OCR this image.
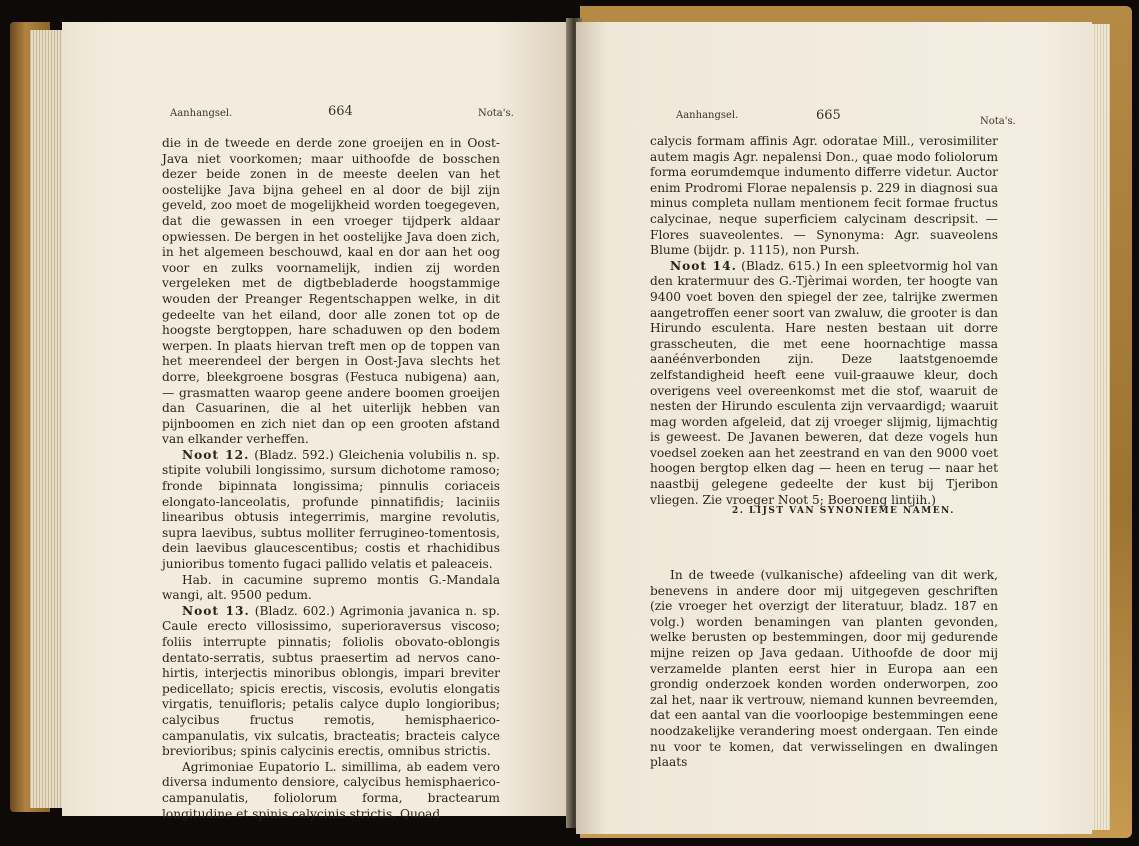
Aanhangsel.	664	Nota's.

die in de tweede en derde zone groeijen en in Oost-Java niet voorkomen; maar uithoofde de bosschen dezer beide zonen in de meeste deelen van het oostelijke Java bijna geheel en al door de bijl zijn geveld, zoo moet de mogelijkheid worden toegegeven, dat die gewassen in een vroeger tijdperk aldaar opwiessen. De bergen in het oostelijke Java doen zich, in het algemeen beschouwd, kaal en dor aan het oog voor en zulks voornamelijk, indien zij worden vergeleken met de digtbebladerde hoogstammige wouden der Preanger Regentschappen welke, in dit gedeelte van het eiland, door alle zonen tot op de hoogste bergtoppen, hare schaduwen op den bodem werpen. In plaats hiervan treft men op de toppen van het meerendeel der bergen in Oost-Java slechts het dorre, bleekgroene bosgras (Festuca nubigena) aan, — grasmatten waarop geene andere boomen groeijen dan Casuarinen, die al het uiterlijk hebben van pijnboomen en zich niet dan op een grooten afstand van elkander verheffen.

Noot 12. (Bladz. 592.) Gleichenia volubilis n. sp. stipite volubili longissimo, sursum dichotome ramoso; fronde bipinnata longissima; pinnulis coriaceis elongato-lanceolatis, profunde pinnatifidis; laciniis linearibus obtusis integerrimis, margine revolutis, supra laevibus, subtus molliter ferrugineo-tomentosis, dein laevibus glaucescentibus; costis et rhachidibus junioribus tomento fugaci pallido velatis et paleaceis.

Hab. in cacumine supremo montis G.-Mandala wangi, alt. 9500 pedum.

Noot 13. (Bladz. 602.) Agrimonia javanica n. sp. Caule erecto villosissimo, superioraversus viscoso; foliis interrupte pinnatis; foliolis obovato-oblongis dentato-serratis, subtus praesertim ad nervos cano-hirtis, interjectis minoribus oblongis, impari breviter pedicellato; spicis erectis, viscosis, evolutis elongatis virgatis, tenuifloris; petalis calyce duplo longioribus; calycibus fructus remotis, hemisphaerico-campanulatis, vix sulcatis, bracteatis; bracteis calyce brevioribus; spinis calycinis erectis, omnibus strictis.

Agrimoniae Eupatorio L. simillima, ab eadem vero diversa indumento densiore, calycibus hemisphaerico-campanulatis, foliolorum forma, bractearum longitudine et spinis calycinis strictis. Quoad

Aanhangsel.	665	Nota's.

calycis formam affinis Agr. odoratae Mill., verosimiliter autem magis Agr. nepalensi Don., quae modo foliolorum forma eorumdemque indumento differre videtur. Auctor enim Prodromi Florae nepalensis p. 229 in diagnosi sua minus completa nullam mentionem fecit formae fructus calycinae, neque superficiem calycinam descripsit. — Flores suaveolentes. — Synonyma: Agr. suaveolens Blume (bijdr. p. 1115), non Pursh.

Noot 14. (Bladz. 615.) In een spleetvormig hol van den kratermuur des G.-Tjèrimai worden, ter hoogte van 9400 voet boven den spiegel der zee, talrijke zwermen aangetroffen eener soort van zwaluw, die grooter is dan Hirundo esculenta. Hare nesten bestaan uit dorre grasscheuten, die met eene hoornachtige massa aanéénverbonden zijn. Deze laatstgenoemde zelfstandigheid heeft eene vuil-graauwe kleur, doch overigens veel overeenkomst met die stof, waaruit de nesten der Hirundo esculenta zijn vervaardigd; waaruit mag worden afgeleid, dat zij vroeger slijmig, lijmachtig is geweest. De Javanen beweren, dat deze vogels hun voedsel zoeken aan het zeestrand en van den 9000 voet hoogen bergtop elken dag — heen en terug — naar het naastbij gelegene gedeelte der kust bij Tjeribon vliegen. Zie vroeger Noot 5; Boeroeng lintjih.)

2. LIJST VAN SYNONIEME NAMEN.

In de tweede (vulkanische) afdeeling van dit werk, benevens in andere door mij uitgegeven geschriften (zie vroeger het overzigt der literatuur, bladz. 187 en volg.) worden benamingen van planten gevonden, welke berusten op bestemmingen, door mij gedurende mijne reizen op Java gedaan. Uithoofde de door mij verzamelde planten eerst hier in Europa aan een grondig onderzoek konden worden onderworpen, zoo zal het, naar ik vertrouw, niemand kunnen bevreemden, dat een aantal van die voorloopige bestemmingen eene noodzakelijke verandering moest ondergaan. Ten einde nu voor te komen, dat verwisselingen en dwalingen plaats
